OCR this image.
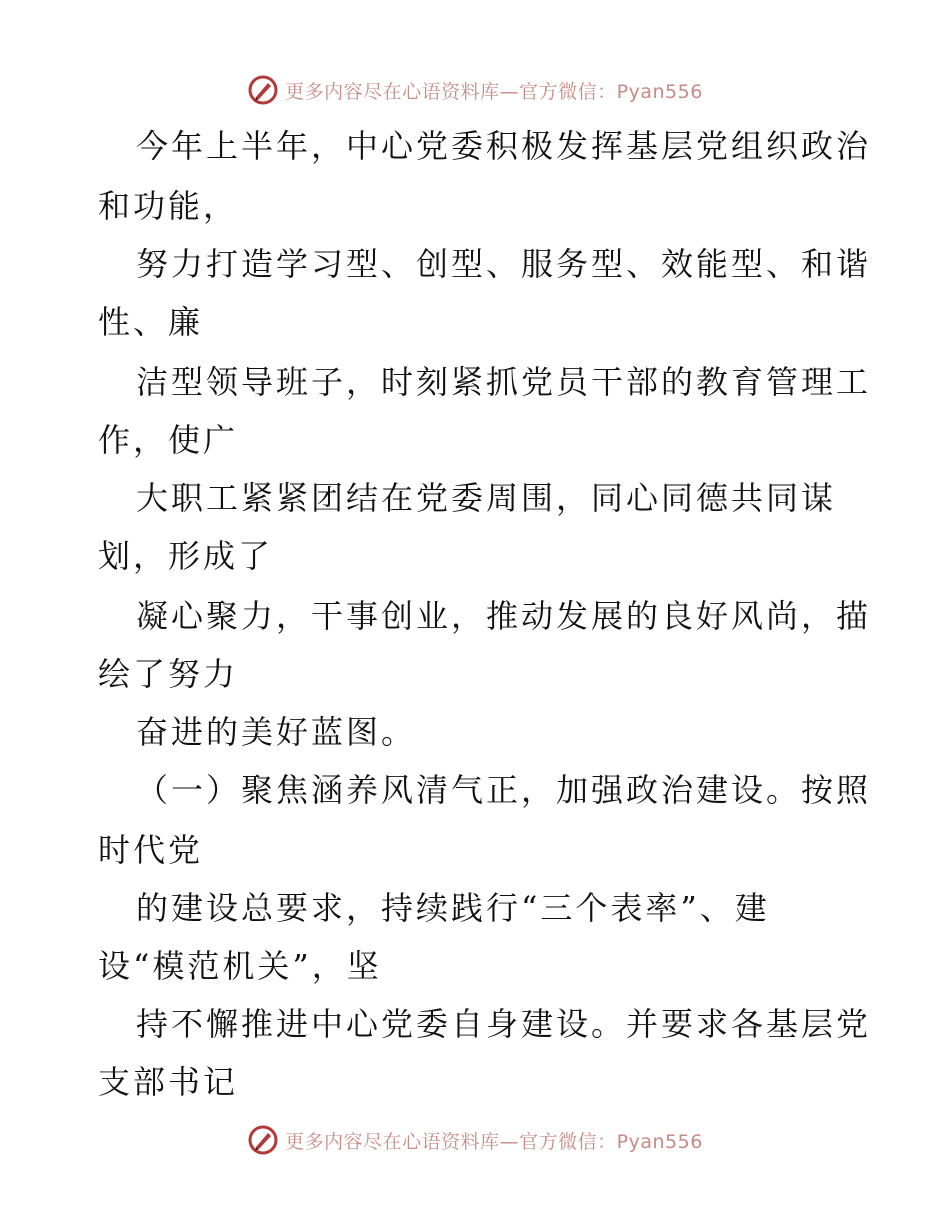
更多内容尽在心语资料库—官方微信：Pyan556
今年上半年，中心党委积极发挥基层党组织政治
和功能，
努力打造学习型、创型、服务型、效能型、和谐
性、廉
洁型领导班子，时刻紧抓党员干部的教育管理工
作，使广
大职工紧紧团结在党委周围，同心同德共同谋
划，形成了
凝心聚力，干事创业，推动发展的良好风尚，描
绘了努力
奋进的美好蓝图。
（一）聚焦涵养风清气正，加强政治建设。按照
时代党
的建设总要求，持续践行“三个表率”、建
设“模范机关”，坚
持不懈推进中心党委自身建设。并要求各基层党
支部书记
更多内容尽在心语资料库—官方微信：Pyan556
